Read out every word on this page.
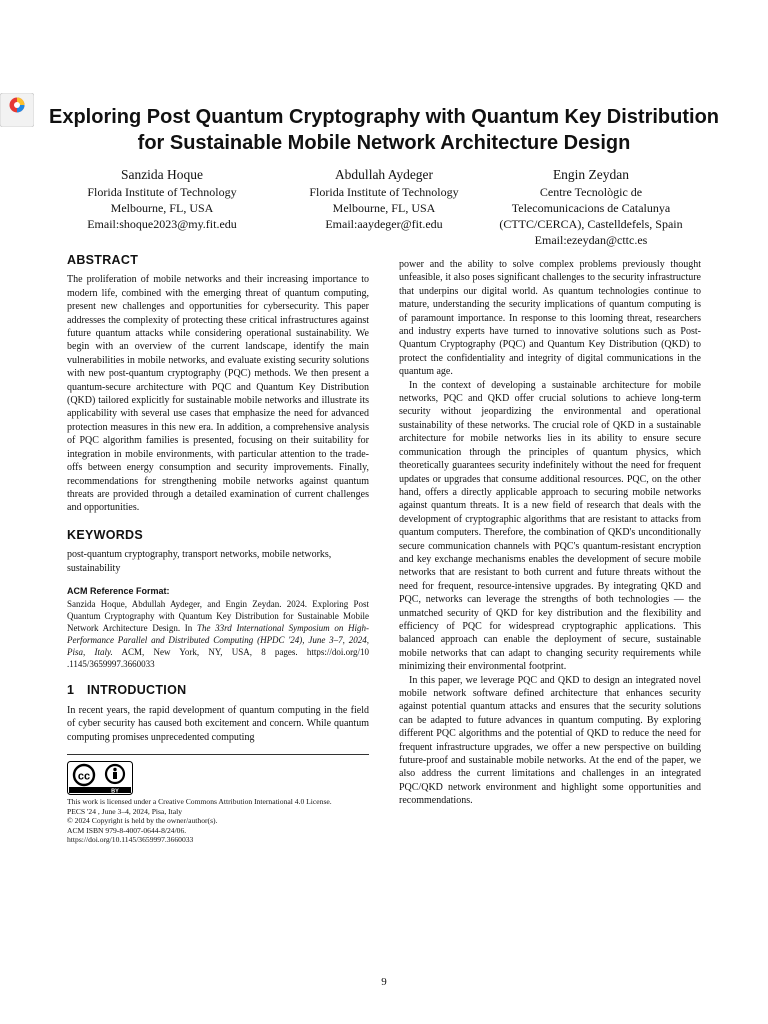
Exploring Post Quantum Cryptography with Quantum Key Distribution for Sustainable Mobile Network Architecture Design
Sanzida Hoque
Florida Institute of Technology
Melbourne, FL, USA
Email:shoque2023@my.fit.edu
Abdullah Aydeger
Florida Institute of Technology
Melbourne, FL, USA
Email:aaydeger@fit.edu
Engin Zeydan
Centre Tecnològic de
Telecomunicacions de Catalunya
(CTTC/CERCA), Castelldefels, Spain
Email:ezeydan@cttc.es
ABSTRACT

The proliferation of mobile networks and their increasing importance to modern life, combined with the emerging threat of quantum computing, present new challenges and opportunities for cybersecurity. This paper addresses the complexity of protecting these critical infrastructures against future quantum attacks while considering operational sustainability. We begin with an overview of the current landscape, identify the main vulnerabilities in mobile networks, and evaluate existing security solutions with new post-quantum cryptography (PQC) methods. We then present a quantum-secure architecture with PQC and Quantum Key Distribution (QKD) tailored explicitly for sustainable mobile networks and illustrate its applicability with several use cases that emphasize the need for advanced protection measures in this new era. In addition, a comprehensive analysis of PQC algorithm families is presented, focusing on their suitability for integration in mobile environments, with particular attention to the trade-offs between energy consumption and security improvements. Finally, recommendations for strengthening mobile networks against quantum threats are provided through a detailed examination of current challenges and opportunities.

KEYWORDS

post-quantum cryptography, transport networks, mobile networks, sustainability

ACM Reference Format:
Sanzida Hoque, Abdullah Aydeger, and Engin Zeydan. 2024. Exploring Post Quantum Cryptography with Quantum Key Distribution for Sustainable Mobile Network Architecture Design. In The 33rd International Symposium on High-Performance Parallel and Distributed Computing (HPDC '24), June 3–7, 2024, Pisa, Italy. ACM, New York, NY, USA, 8 pages. https://doi.org/10 .1145/3659997.3660033
1 INTRODUCTION

In recent years, the rapid development of quantum computing in the field of cyber security has caused both excitement and concern. While quantum computing promises unprecedented computing

cc
BY
This work is licensed under a Creative Commons Attribution International 4.0 License.
PECS '24 , June 3–4, 2024, Pisa, Italy
© 2024 Copyright is held by the owner/author(s).
ACM ISBN 979-8-4007-0644-8/24/06.
https://doi.org/10.1145/3659997.3660033

power and the ability to solve complex problems previously thought unfeasible, it also poses significant challenges to the security infrastructure that underpins our digital world. As quantum technologies continue to mature, understanding the security implications of quantum computing is of paramount importance. In response to this looming threat, researchers and industry experts have turned to innovative solutions such as Post-Quantum Cryptography (PQC) and Quantum Key Distribution (QKD) to protect the confidentiality and integrity of digital communications in the quantum age.

In the context of developing a sustainable architecture for mobile networks, PQC and QKD offer crucial solutions to achieve long-term security without jeopardizing the environmental and operational sustainability of these networks. The crucial role of QKD in a sustainable architecture for mobile networks lies in its ability to ensure secure communication through the principles of quantum physics, which theoretically guarantees security indefinitely without the need for frequent updates or upgrades that consume additional resources. PQC, on the other hand, offers a directly applicable approach to securing mobile networks against quantum threats. It is a new field of research that deals with the development of cryptographic algorithms that are resistant to attacks from quantum computers. Therefore, the combination of QKD's unconditionally secure communication channels with PQC's quantum-resistant encryption and key exchange mechanisms enables the development of secure mobile networks that are resistant to both current and future threats without the need for frequent, resource-intensive upgrades. By integrating QKD and PQC, networks can leverage the strengths of both technologies — the unmatched security of QKD for key distribution and the flexibility and efficiency of PQC for widespread cryptographic applications. This balanced approach can enable the deployment of secure, sustainable mobile networks that can adapt to changing security requirements while minimizing their environmental footprint.

In this paper, we leverage PQC and QKD to design an integrated novel mobile network software defined architecture that enhances security against potential quantum attacks and ensures that the security solutions can be adapted to future advances in quantum computing. By exploring different PQC algorithms and the potential of QKD to reduce the need for frequent infrastructure upgrades, we offer a new perspective on building future-proof and sustainable mobile networks. At the end of the paper, we also address the current limitations and challenges in an integrated PQC/QKD network environment and highlight some opportunities and recommendations.

9
